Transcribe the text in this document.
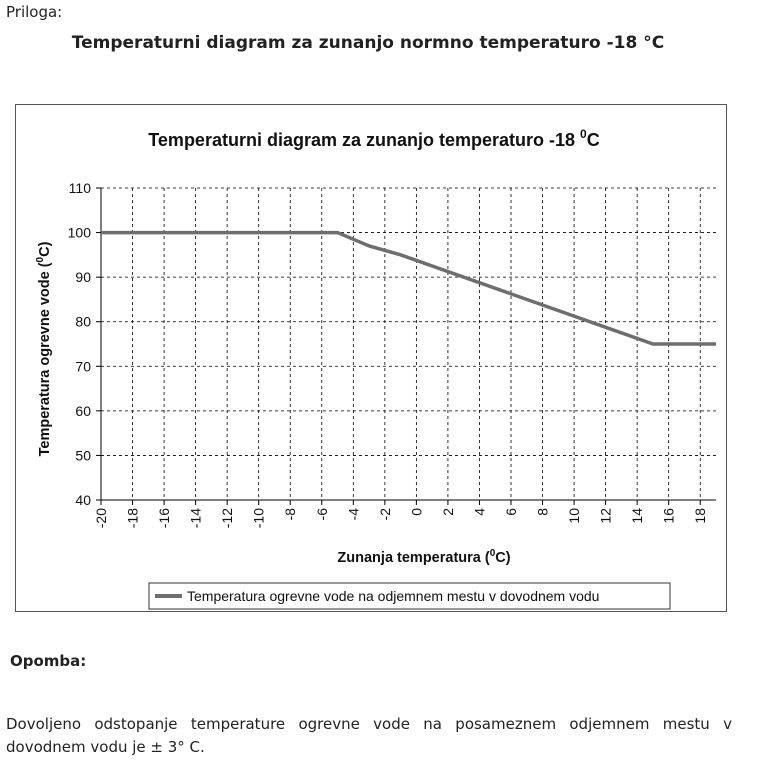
Priloga:
Temperaturni diagram za zunanjo normno temperaturo -18 °C
Temperaturni diagram za zunanjo temperaturo -18 $^0$C
40
50
60
70
80
90
100
110
-20 -18 -16 -14 -12 -10 -8 -6 -4 -2 0 2 4 6 8 10 12 14 16 18
Zunanja temperatura ($^0$C)
Temperatura ogrevne vode ($^0$C)
Temperatura ogrevne vode na odjemnem mestu v dovodnem vodu
Opomba:
Dovoljeno odstopanje temperature ogrevne vode na posameznem odjemnem mestu v dovodnem vodu je ± 3° C.
